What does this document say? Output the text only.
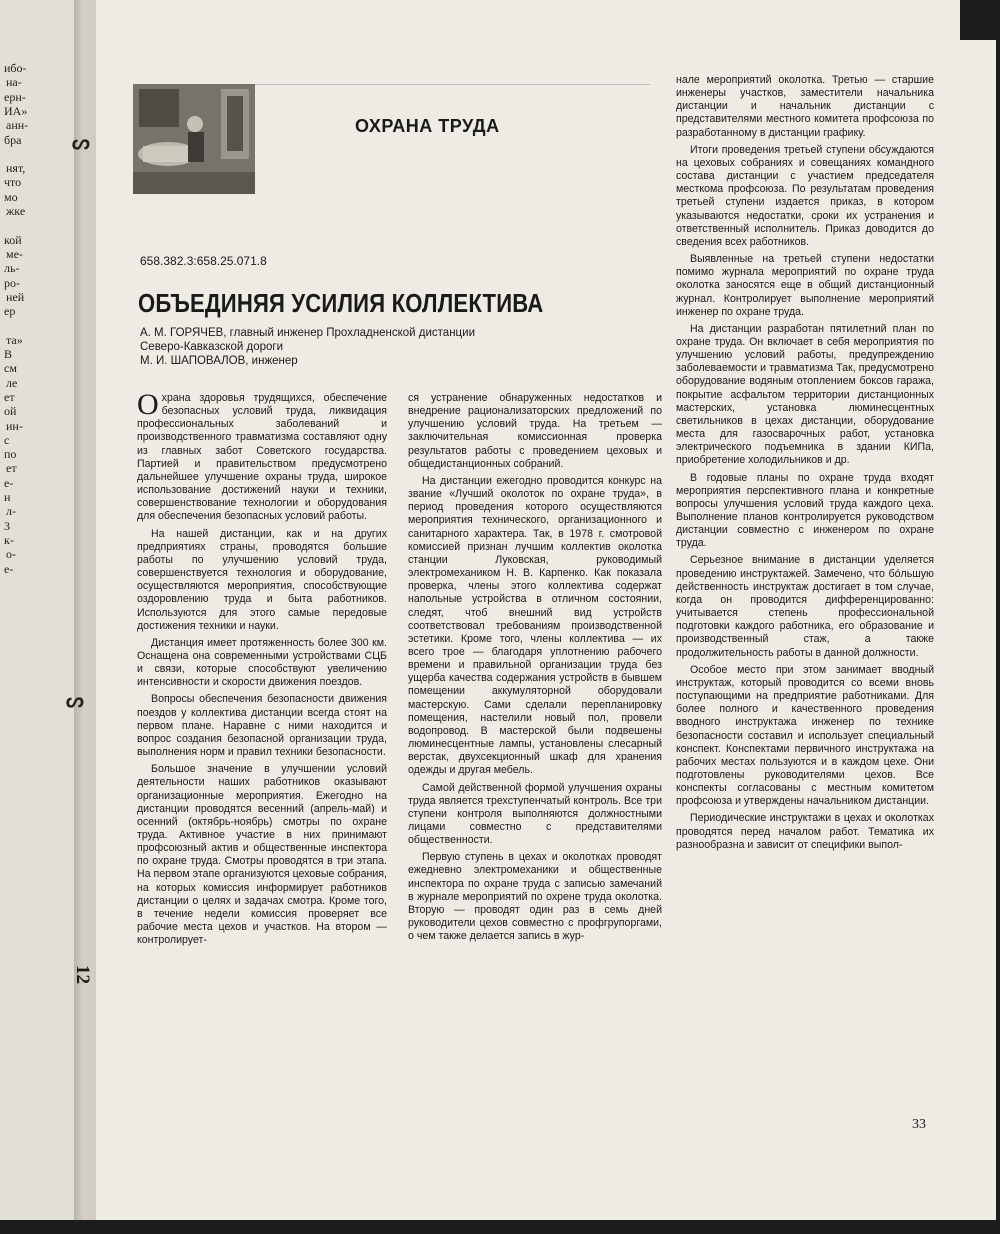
ибо-
на-
ерн-
ИА»
анн-
бра
нят,
что
мо
жке
кой
ме-
ль-
ро-
ней
ер
та»
В
см
ле
ет
ой
ин-
с
по
ет
е-
н
л-
3
к-
о-
е-
ᔕ
ᔕ
12
ОХРАНА ТРУДА
658.382.3:658.25.071.8
ОБЪЕДИНЯЯ УСИЛИЯ КОЛЛЕКТИВА

А. М. ГОРЯЧЕВ, главный инженер Прохладненской дистанции

Северо-Кавказской дороги

М. И. ШАПОВАЛОВ, инженер

Охрана здоровья трудящихся, обеспечение безопасных условий труда, ликвидация профессиональных заболеваний и производственного травматизма составляют одну из главных забот Советского государства. Партией и правительством предусмотрено дальнейшее улучшение охраны труда, широкое использование достижений науки и техники, совершенствование технологии и оборудования для обеспечения безопасных условий работы.

На нашей дистанции, как и на других предприятиях страны, проводятся большие работы по улучшению условий труда, совершенствуется технология и оборудование, осуществляются мероприятия, способствующие оздоровлению труда и быта работников. Используются для этого самые передовые достижения техники и науки.

Дистанция имеет протяженность более 300 км. Оснащена она современными устройствами СЦБ и связи, которые способствуют увеличению интенсивности и скорости движения поездов.

Вопросы обеспечения безопасности движения поездов у коллектива дистанции всегда стоят на первом плане. Наравне с ними находится и вопрос создания безопасной организации труда, выполнения норм и правил техники безопасности.

Большое значение в улучшении условий деятельности наших работников оказывают организационные мероприятия. Ежегодно на дистанции проводятся весенний (апрель-май) и осенний (октябрь-ноябрь) смотры по охране труда. Активное участие в них принимают профсоюзный актив и общественные инспектора по охране труда. Смотры проводятся в три этапа. На первом этапе организуются цеховые собрания, на которых комиссия информирует работников дистанции о целях и задачах смотра. Кроме того, в течение недели комиссия проверяет все рабочие места цехов и участков. На втором — контролирует-

ся устранение обнаруженных недостатков и внедрение рационализаторских предложений по улучшению условий труда. На третьем — заключительная комиссионная проверка результатов работы с проведением цеховых и общедистанционных собраний.

На дистанции ежегодно проводится конкурс на звание «Лучший околоток по охране труда», в период проведения которого осуществляются мероприятия технического, организационного и санитарного характера. Так, в 1978 г. смотровой комиссией признан лучшим коллектив околотка станции Луковская, руководимый электромехаником Н. В. Карпенко. Как показала проверка, члены этого коллектива содержат напольные устройства в отличном состоянии, следят, чтоб внешний вид устройств соответствовал требованиям производственной эстетики. Кроме того, члены коллектива — их всего трое — благодаря уплотнению рабочего времени и правильной организации труда без ущерба качества содержания устройств в бывшем помещении аккумуляторной оборудовали мастерскую. Сами сделали перепланировку помещения, настелили новый пол, провели водопровод. В мастерской были подвешены люминесцентные лампы, установлены слесарный верстак, двухсекционный шкаф для хранения одежды и другая мебель.

Самой действенной формой улучшения охраны труда является трехступенчатый контроль. Все три ступени контроля выполняются должностными лицами совместно с представителями общественности.

Первую ступень в цехах и околотках проводят ежедневно электромеханики и общественные инспектора по охране труда с записью замечаний в журнале мероприятий по охрене труда околотка. Вторую — проводят один раз в семь дней руководители цехов совместно с профгрупоргами, о чем также делается запись в жур-

нале мероприятий околотка. Третью — старшие инженеры участков, заместители начальника дистанции и начальник дистанции с представителями местного комитета профсоюза по разработанному в дистанции графику.

Итоги проведения третьей ступени обсуждаются на цеховых собраниях и совещаниях командного состава дистанции с участием председателя месткома профсоюза. По результатам проведения третьей ступени издается приказ, в котором указываются недостатки, сроки их устранения и ответственный исполнитель. Приказ доводится до сведения всех работников.

Выявленные на третьей ступени недостатки помимо журнала мероприятий по охране труда околотка заносятся еще в общий дистанционный журнал. Контролирует выполнение мероприятий инженер по охране труда.

На дистанции разработан пятилетний план по охране труда. Он включает в себя мероприятия по улучшению условий работы, предупреждению заболеваемости и травматизма Так, предусмотрено оборудование водяным отоплением боксов гаража, покрытие асфальтом территории дистанционных мастерских, установка люминесцентных светильников в цехах дистанции, оборудование места для газосварочных работ, установка электрического подъемника в здании КИПа, приобретение холодильников и др.

В годовые планы по охране труда входят мероприятия перспективного плана и конкретные вопросы улучшения условий труда каждого цеха. Выполнение планов контролируется руководством дистанции совместно с инженером по охране труда.

Серьезное внимание в дистанции уделяется проведению инструктажей. Замечено, что бóльшую действенность инструктаж достигает в том случае, когда он проводится дифференцированно: учитывается степень профессиональной подготовки каждого работника, его образование и производственный стаж, а также продолжительность работы в данной должности.

Особое место при этом занимает вводный инструктаж, который проводится со всеми вновь поступающими на предприятие работниками. Для более полного и качественного проведения вводного инструктажа инженер по технике безопасности составил и использует специальный конспект. Конспектами первичного инструктажа на рабочих местах пользуются и в каждом цехе. Они подготовлены руководителями цехов. Все конспекты согласованы с местным комитетом профсоюза и утверждены начальником дистанции.

Периодические инструктажи в цехах и околотках проводятся перед началом работ. Тематика их разнообразна и зависит от специфики выпол-

33
